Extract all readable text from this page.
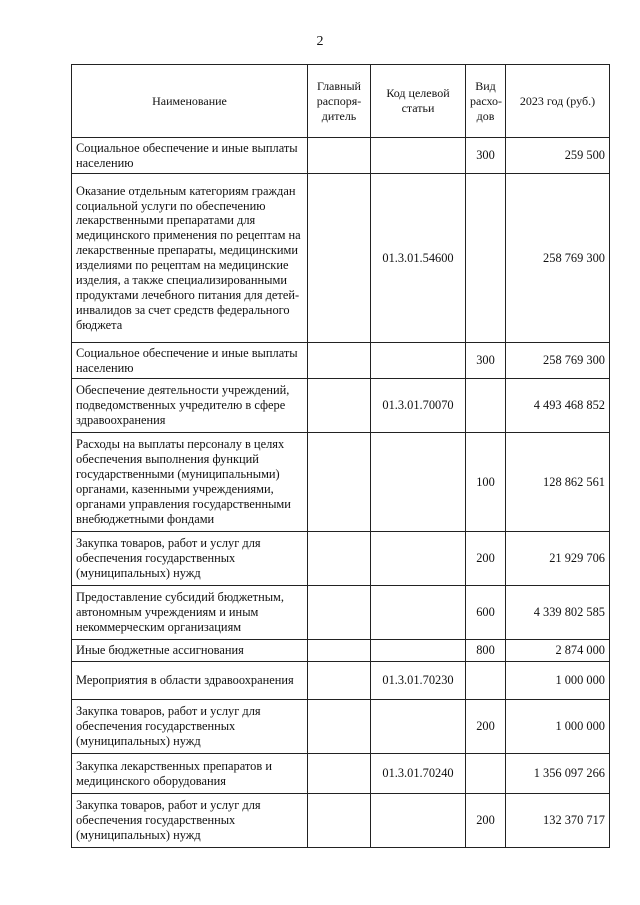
2
Наименование	Главный распоря-дитель	Код целевой статьи	Вид расхо-дов	2023 год (руб.)
Социальное обеспечение и иные выплаты населению			300	259 500
Оказание отдельным категориям граждан социальной услуги по обеспечению лекарственными препаратами для медицинского применения по рецептам на лекарственные препараты, медицинскими изделиями по рецептам на медицинские изделия, а также специализированными продуктами лечебного питания для детей-инвалидов за счет средств федерального бюджета		01.3.01.54600		258 769 300
Социальное обеспечение и иные выплаты населению			300	258 769 300
Обеспечение деятельности учреждений, подведомственных учредителю в сфере здравоохранения		01.3.01.70070		4 493 468 852
Расходы на выплаты персоналу в целях обеспечения выполнения функций государственными (муниципальными) органами, казенными учреждениями, органами управления государственными внебюджетными фондами			100	128 862 561
Закупка товаров, работ и услуг для обеспечения государственных (муниципальных) нужд			200	21 929 706
Предоставление субсидий бюджетным, автономным учреждениям и иным некоммерческим организациям			600	4 339 802 585
Иные бюджетные ассигнования			800	2 874 000
Мероприятия в области здравоохранения		01.3.01.70230		1 000 000
Закупка товаров, работ и услуг для обеспечения государственных (муниципальных) нужд			200	1 000 000
Закупка лекарственных препаратов и медицинского оборудования		01.3.01.70240		1 356 097 266
Закупка товаров, работ и услуг для обеспечения государственных (муниципальных) нужд			200	132 370 717
